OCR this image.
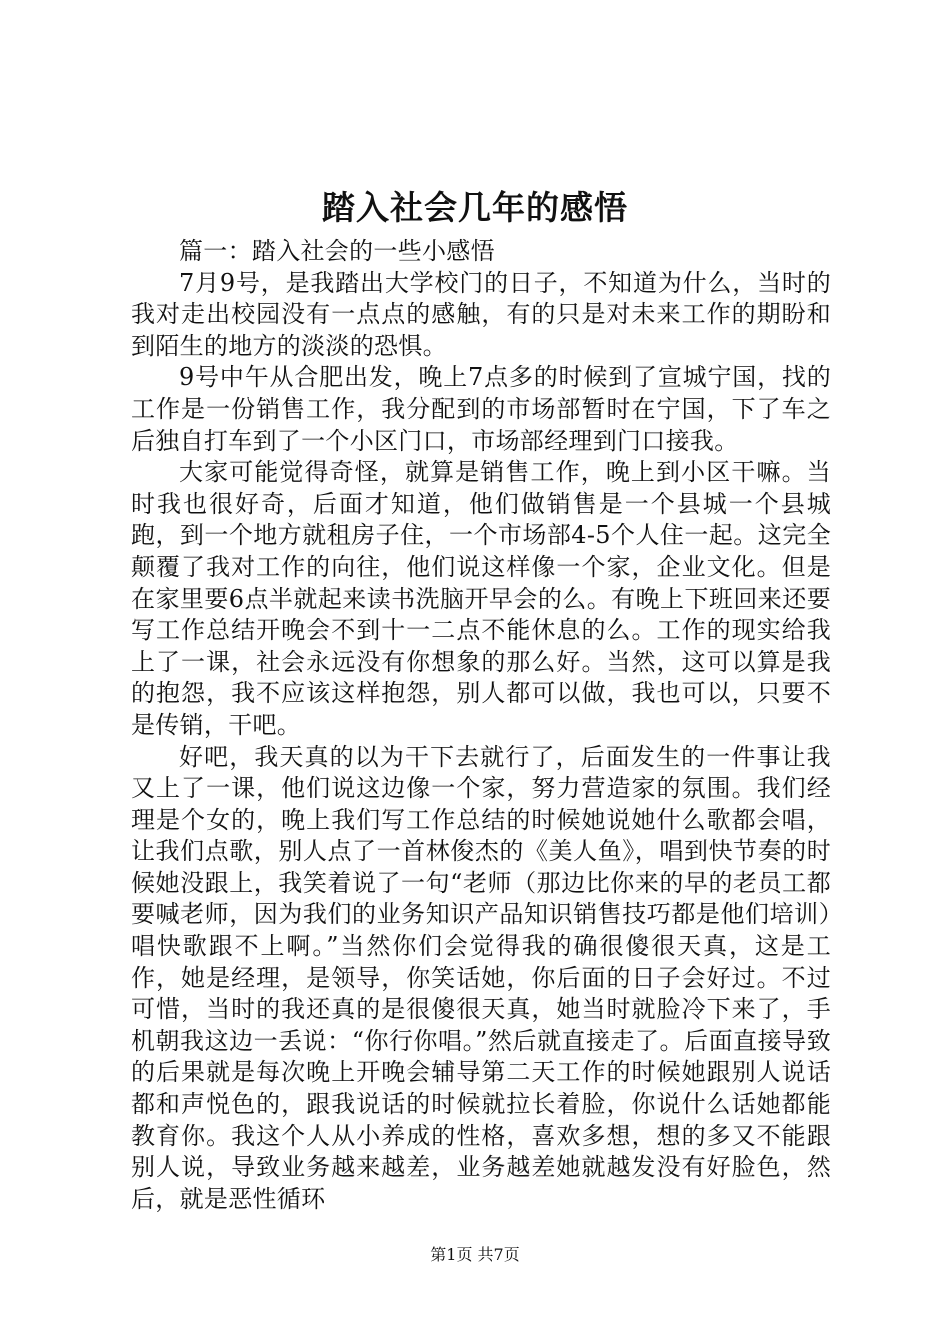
踏入社会几年的感悟

篇一：踏入社会的一些小感悟

7月9号，是我踏出大学校门的日子，不知道为什么，当时的我对走出校园没有一点点的感触，有的只是对未来工作的期盼和到陌生的地方的淡淡的恐惧。

9号中午从合肥出发，晚上7点多的时候到了宣城宁国，找的工作是一份销售工作，我分配到的市场部暂时在宁国，下了车之后独自打车到了一个小区门口，市场部经理到门口接我。

大家可能觉得奇怪，就算是销售工作，晚上到小区干嘛。当时我也很好奇，后面才知道，他们做销售是一个县城一个县城跑，到一个地方就租房子住，一个市场部4-5个人住一起。这完全颠覆了我对工作的向往，他们说这样像一个家，企业文化。但是在家里要6点半就起来读书洗脑开早会的么。有晚上下班回来还要写工作总结开晚会不到十一二点不能休息的么。工作的现实给我上了一课，社会永远没有你想象的那么好。当然，这可以算是我的抱怨，我不应该这样抱怨，别人都可以做，我也可以，只要不是传销，干吧。

好吧，我天真的以为干下去就行了，后面发生的一件事让我又上了一课，他们说这边像一个家，努力营造家的氛围。我们经理是个女的，晚上我们写工作总结的时候她说她什么歌都会唱，让我们点歌，别人点了一首林俊杰的《美人鱼》，唱到快节奏的时候她没跟上，我笑着说了一句“老师（那边比你来的早的老员工都要喊老师，因为我们的业务知识产品知识销售技巧都是他们培训）唱快歌跟不上啊。”当然你们会觉得我的确很傻很天真，这是工作，她是经理，是领导，你笑话她，你后面的日子会好过。不过可惜，当时的我还真的是很傻很天真，她当时就脸冷下来了，手机朝我这边一丢说：“你行你唱。”然后就直接走了。后面直接导致的后果就是每次晚上开晚会辅导第二天工作的时候她跟别人说话都和声悦色的，跟我说话的时候就拉长着脸，你说什么话她都能教育你。我这个人从小养成的性格，喜欢多想，想的多又不能跟别人说，导致业务越来越差，业务越差她就越发没有好脸色，然后，就是恶性循环

第1页 共7页
